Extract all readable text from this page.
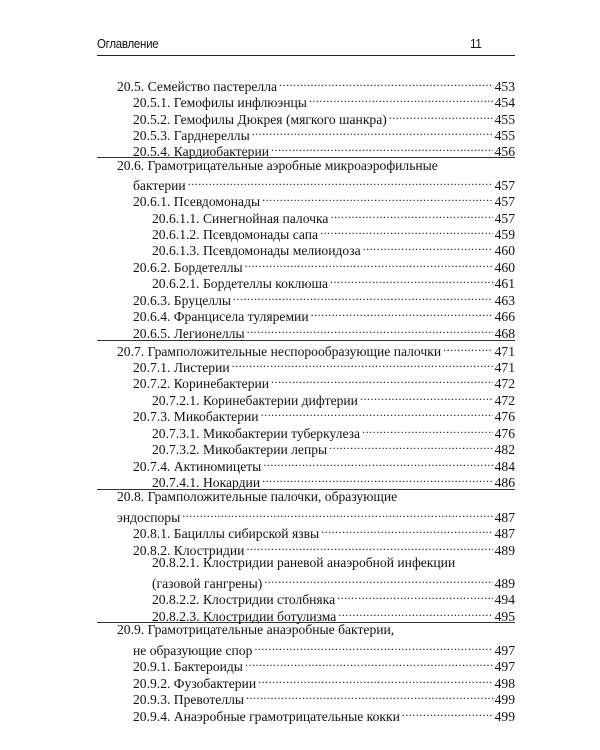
Оглавление	11
20.5. Семейство пастерелла .....	453
20.5.1. Гемофилы инфлюэнцы .....	454
20.5.2. Гемофилы Дюкрея (мягкого шанкра) .....	455
20.5.3. Гарднереллы .....	455
20.5.4. Кардиобактерии .....	456
20.6. Грамотрицательные аэробные микроаэрофильные
бактерии .....	457
20.6.1. Псевдомонады .....	457
20.6.1.1. Синегнойная палочка .....	457
20.6.1.2. Псевдомонады сапа .....	459
20.6.1.3. Псевдомонады мелиоидоза .....	460
20.6.2. Бордетеллы .....	460
20.6.2.1. Бордетеллы коклюша .....	461
20.6.3. Бруцеллы .....	463
20.6.4. Францисела туляремии .....	466
20.6.5. Легионеллы .....	468
20.7. Грамположительные неспорообразующие палочки .....	471
20.7.1. Листерии .....	471
20.7.2. Коринебактерии .....	472
20.7.2.1. Коринебактерии дифтерии .....	472
20.7.3. Микобактерии .....	476
20.7.3.1. Микобактерии туберкулеза .....	476
20.7.3.2. Микобактерии лепры .....	482
20.7.4. Актиномицеты .....	484
20.7.4.1. Нокардии .....	486
20.8. Грамположительные палочки, образующие
эндоспоры .....	487
20.8.1. Бациллы сибирской язвы .....	487
20.8.2. Клостридии .....	489
20.8.2.1. Клостридии раневой анаэробной инфекции
(газовой гангрены) .....	489
20.8.2.2. Клостридии столбняка .....	494
20.8.2.3. Клостридии ботулизма .....	495
20.9. Грамотрицательные анаэробные бактерии,
не образующие спор .....	497
20.9.1. Бактероиды .....	497
20.9.2. Фузобактерии .....	498
20.9.3. Превотеллы .....	499
20.9.4. Анаэробные грамотрицательные кокки .....	499
